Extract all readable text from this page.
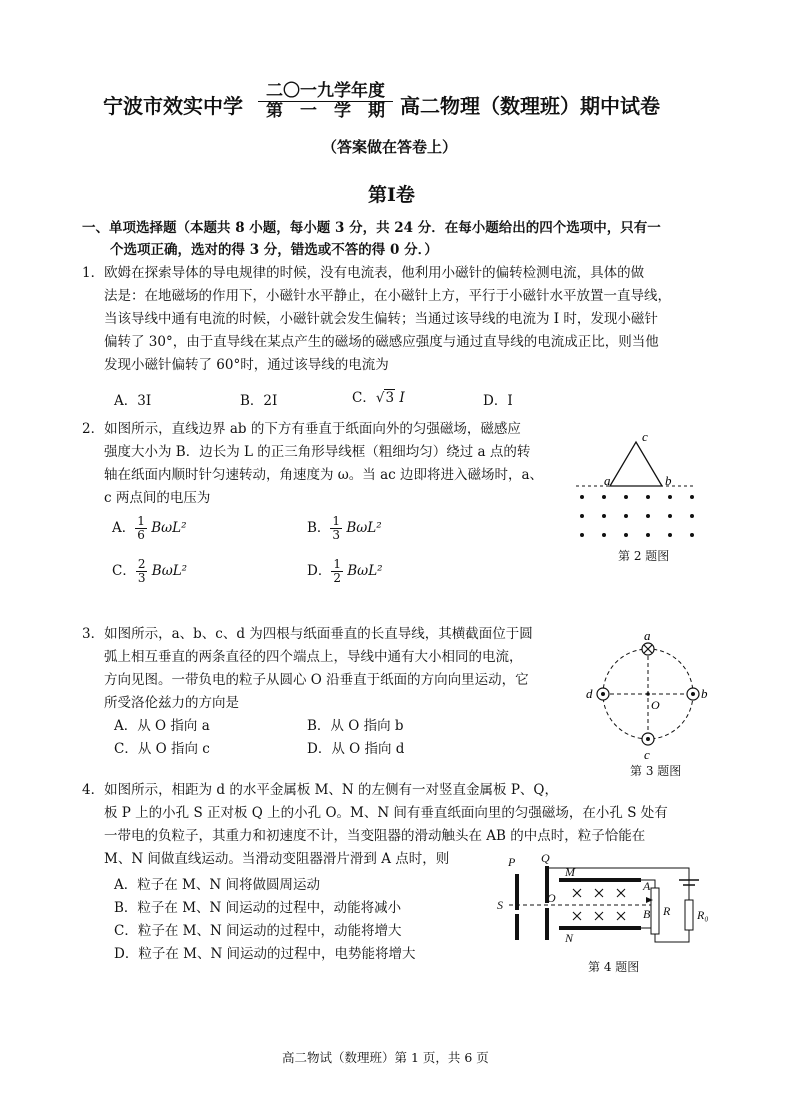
宁波市效实中学
二〇一九学年度
第　一　学　期 高二物理（数理班）期中试卷
（答案做在答卷上）
第Ⅰ卷
一、单项选择题（本题共 8 小题，每小题 3 分，共 24 分．在每小题给出的四个选项中，只有一
个选项正确，选对的得 3 分，错选或不答的得 0 分．）
1．欧姆在探索导体的导电规律的时候，没有电流表，他利用小磁针的偏转检测电流，具体的做
法是：在地磁场的作用下，小磁针水平静止，在小磁针上方，平行于小磁针水平放置一直导线，
当该导线中通有电流的时候，小磁针就会发生偏转；当通过该导线的电流为 I 时，发现小磁针
偏转了 30°，由于直导线在某点产生的磁场的磁感应强度与通过直导线的电流成正比，则当他
发现小磁针偏转了 60°时，通过该导线的电流为
A．3I	B．2I	C．√3 I	D．I
2．如图所示，直线边界 ab 的下方有垂直于纸面向外的匀强磁场，磁感应
强度大小为 B．边长为 L 的正三角形导线框（粗细均匀）绕过 a 点的转
轴在纸面内顺时针匀速转动，角速度为 ω。当 ac 边即将进入磁场时，a、
c 两点间的电压为
A． $\frac{1}{6} B\omega L^2$	B． $\frac{1}{3} B\omega L^2$
C． $\frac{2}{3} B\omega L^2$	D． $\frac{1}{2} B\omega L^2$
a	b
c
第 2 题图
3．如图所示，a、b、c、d 为四根与纸面垂直的长直导线，其横截面位于圆
弧上相互垂直的两条直径的四个端点上，导线中通有大小相同的电流，
方向见图。一带负电的粒子从圆心 O 沿垂直于纸面的方向向里运动，它
所受洛伦兹力的方向是
A．从 O 指向 a	B．从 O 指向 b
C．从 O 指向 c	D．从 O 指向 d
a
b
c
d
O
第 3 题图
4．如图所示，相距为 d 的水平金属板 M、N 的左侧有一对竖直金属板 P、Q，
板 P 上的小孔 S 正对板 Q 上的小孔 O。M、N 间有垂直纸面向里的匀强磁场，在小孔 S 处有
一带电的负粒子，其重力和初速度不计，当变阻器的滑动触头在 AB 的中点时，粒子恰能在
M、N 间做直线运动。当滑动变阻器滑片滑到 A 点时，则
A．粒子在 M、N 间将做圆周运动
B．粒子在 M、N 间运动的过程中，动能将减小
C．粒子在 M、N 间运动的过程中，动能将增大
D．粒子在 M、N 间运动的过程中，电势能将增大
P Q
M
N
O
S
A
B R R₀
第 4 题图
高二物试（数理班）第 1 页，共 6 页
